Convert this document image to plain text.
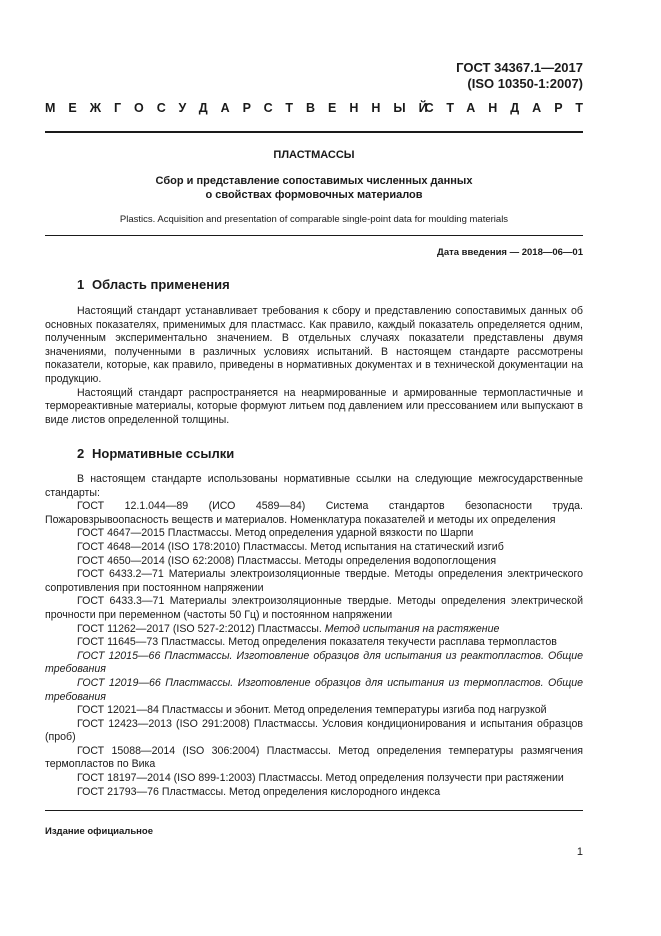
ГОСТ 34367.1—2017
(ISO 10350-1:2007)
МЕЖГОСУДАРСТВЕННЫЙ
СТАНДАРТ
ПЛАСТМАССЫ
Сбор и представление сопоставимых численных данных
о свойствах формовочных материалов
Plastics. Acquisition and presentation of comparable single-point data for moulding materials
Дата введения — 2018—06—01
1 Область применения

Настоящий стандарт устанавливает требования к сбору и представлению сопоставимых данных об основных показателях, применимых для пластмасс. Как правило, каждый показатель определяется одним, полученным экспериментально значением. В отдельных случаях показатели представлены двумя значениями, полученными в различных условиях испытаний. В настоящем стандарте рассмотрены показатели, которые, как правило, приведены в нормативных документах и в технической документации на продукцию.

Настоящий стандарт распространяется на неармированные и армированные термопластичные и термореактивные материалы, которые формуют литьем под давлением или прессованием или выпускают в виде листов определенной толщины.

2 Нормативные ссылки

В настоящем стандарте использованы нормативные ссылки на следующие межгосударственные стандарты:

ГОСТ 12.1.044—89 (ИСО 4589—84) Система стандартов безопасности труда. Пожаровзрывоопасность веществ и материалов. Номенклатура показателей и методы их определения

ГОСТ 4647—2015 Пластмассы. Метод определения ударной вязкости по Шарпи

ГОСТ 4648—2014 (ISO 178:2010) Пластмассы. Метод испытания на статический изгиб

ГОСТ 4650—2014 (ISO 62:2008) Пластмассы. Методы определения водопоглощения

ГОСТ 6433.2—71 Материалы электроизоляционные твердые. Методы определения электрического сопротивления при постоянном напряжении

ГОСТ 6433.3—71 Материалы электроизоляционные твердые. Методы определения электрической прочности при переменном (частоты 50 Гц) и постоянном напряжении

ГОСТ 11262—2017 (ISO 527-2:2012) Пластмассы. Метод испытания на растяжение

ГОСТ 11645—73 Пластмассы. Метод определения показателя текучести расплава термопластов

ГОСТ 12015—66 Пластмассы. Изготовление образцов для испытания из реактопластов. Общие требования

ГОСТ 12019—66 Пластмассы. Изготовление образцов для испытания из термопластов. Общие требования

ГОСТ 12021—84 Пластмассы и эбонит. Метод определения температуры изгиба под нагрузкой

ГОСТ 12423—2013 (ISO 291:2008) Пластмассы. Условия кондиционирования и испытания образцов (проб)

ГОСТ 15088—2014 (ISO 306:2004) Пластмассы. Метод определения температуры размягчения термопластов по Вика

ГОСТ 18197—2014 (ISO 899-1:2003) Пластмассы. Метод определения ползучести при растяжении

ГОСТ 21793—76 Пластмассы. Метод определения кислородного индекса

Издание официальное
1
